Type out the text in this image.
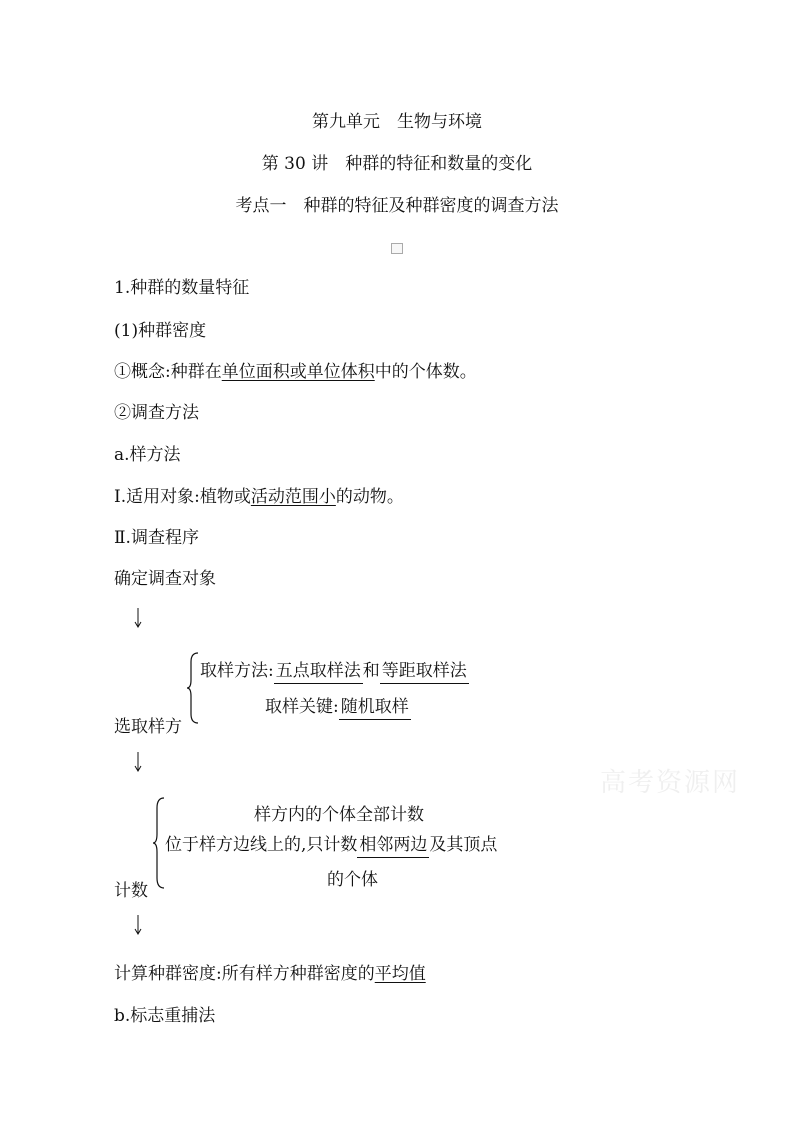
第九单元　生物与环境
第 30 讲　种群的特征和数量的变化
考点一　种群的特征及种群密度的调查方法
1.种群的数量特征
(1)种群密度
①概念:种群在单位面积或单位体积中的个体数。
②调查方法
a.样方法
Ⅰ.适用对象:植物或活动范围小的动物。
Ⅱ.调查程序
确定调查对象
取样方法: 五点取样法 和 等距取样法
取样关键: 随机取样
选取样方
样方内的个体全部计数
位于样方边线上的,只计数 相邻两边 及其顶点
的个体
计数
计算种群密度:所有样方种群密度的平均值
b.标志重捕法
高考资源网
